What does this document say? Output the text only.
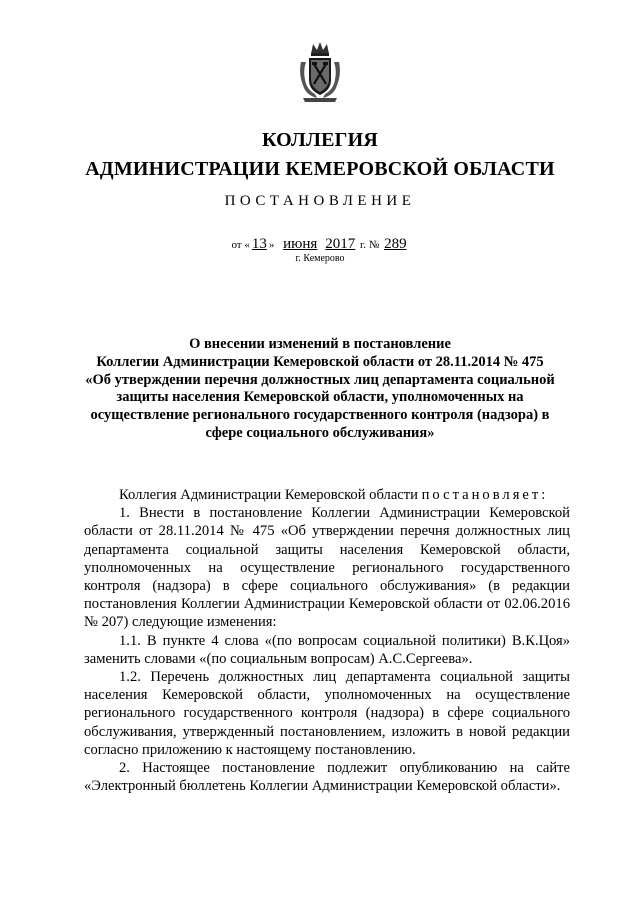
КОЛЛЕГИЯ
АДМИНИСТРАЦИИ КЕМЕРОВСКОЙ ОБЛАСТИ
ПОСТАНОВЛЕНИЕ
от « 13 » июня 2017 г. № 289
г. Кемерово
О внесении изменений в постановление
Коллегии Администрации Кемеровской области от 28.11.2014 № 475
«Об утверждении перечня должностных лиц департамента социальной
защиты населения Кемеровской области, уполномоченных на
осуществление регионального государственного контроля (надзора) в
сфере социального обслуживания»

Коллегия Администрации Кемеровской области постановляет:

1. Внести в постановление Коллегии Администрации Кемеровской области от 28.11.2014 № 475 «Об утверждении перечня должностных лиц департамента социальной защиты населения Кемеровской области, уполномоченных на осуществление регионального государственного контроля (надзора) в сфере социального обслуживания» (в редакции постановления Коллегии Администрации Кемеровской области от 02.06.2016 № 207) следующие изменения:

1.1. В пункте 4 слова «(по вопросам социальной политики) В.К.Цоя» заменить словами «(по социальным вопросам) А.С.Сергеева».

1.2. Перечень должностных лиц департамента социальной защиты населения Кемеровской области, уполномоченных на осуществление регионального государственного контроля (надзора) в сфере социального обслуживания, утвержденный постановлением, изложить в новой редакции согласно приложению к настоящему постановлению.

2. Настоящее постановление подлежит опубликованию на сайте «Электронный бюллетень Коллегии Администрации Кемеровской области».
